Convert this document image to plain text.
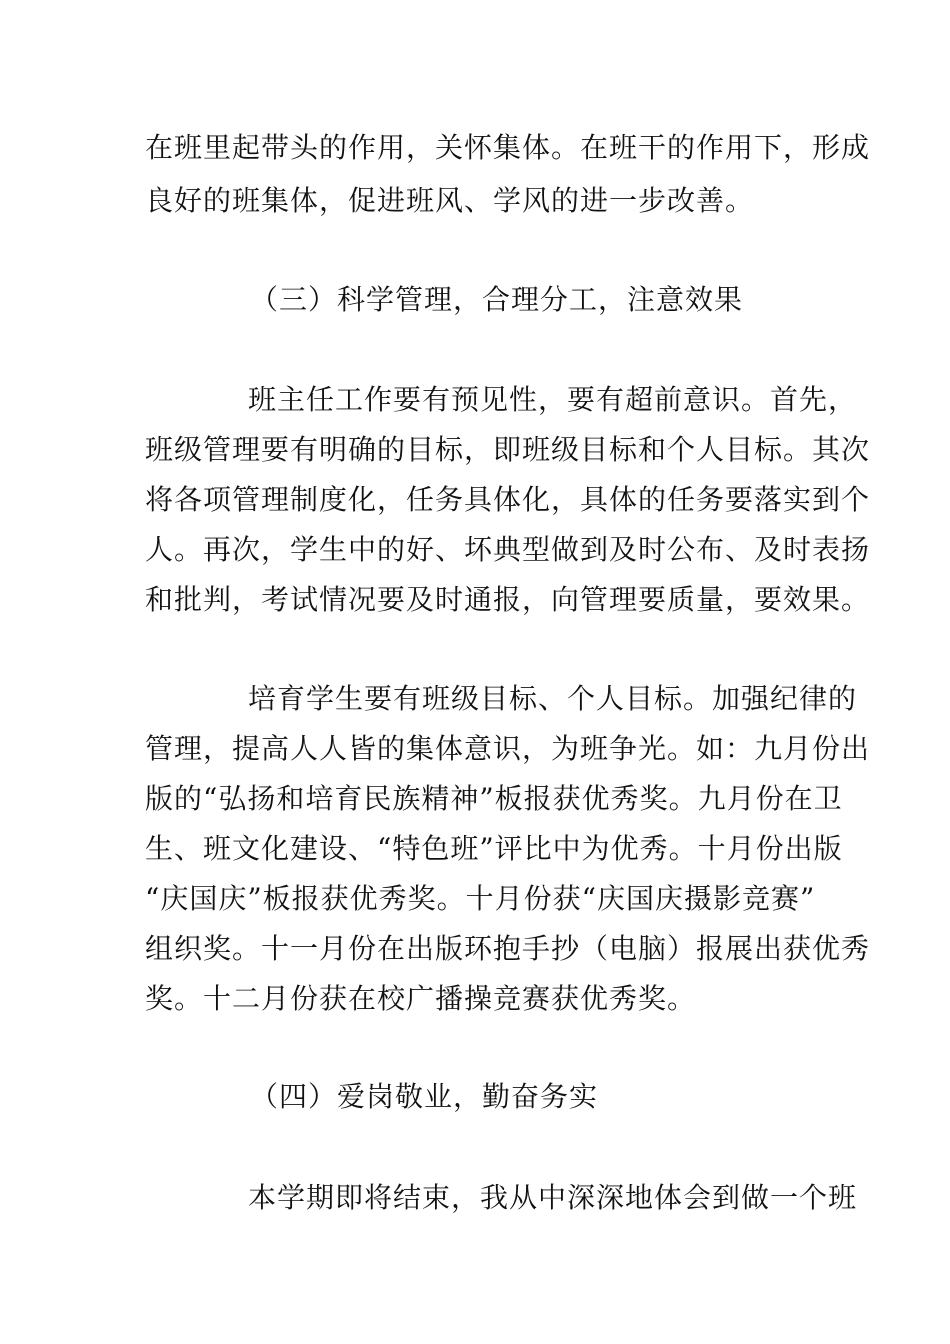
在班里起带头的作用，关怀集体。在班干的作用下，形成
良好的班集体，促进班风、学风的进一步改善。
（三）科学管理，合理分工，注意效果
班主任工作要有预见性，要有超前意识。首先，
班级管理要有明确的目标，即班级目标和个人目标。其次
将各项管理制度化，任务具体化，具体的任务要落实到个
人。再次，学生中的好、坏典型做到及时公布、及时表扬
和批判，考试情况要及时通报，向管理要质量，要效果。
培育学生要有班级目标、个人目标。加强纪律的
管理，提高人人皆的集体意识，为班争光。如：九月份出
版的“弘扬和培育民族精神”板报获优秀奖。九月份在卫
生、班文化建设、“特色班”评比中为优秀。十月份出版
“庆国庆”板报获优秀奖。十月份获“庆国庆摄影竞赛”
组织奖。十一月份在出版环抱手抄（电脑）报展出获优秀
奖。十二月份获在校广播操竞赛获优秀奖。
（四）爱岗敬业，勤奋务实
本学期即将结束，我从中深深地体会到做一个班
